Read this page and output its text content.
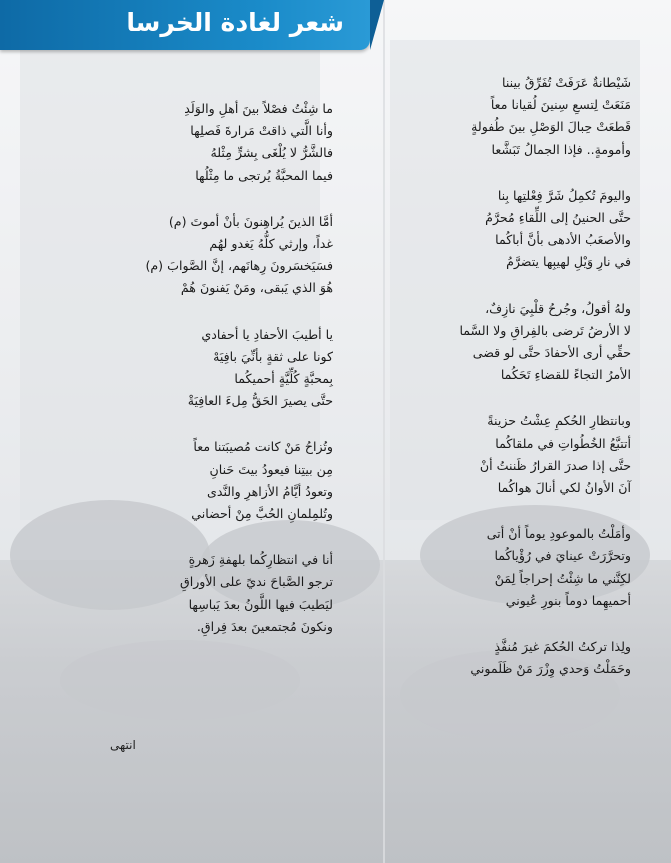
شعر لغادة الخرسا
شَيْطانةٌ عَرَفَتْ تُفَرِّقُ بيننا
مَنَعَتْ لِتسعِ سِنينَ لُقيانا معاً
قَطعَتْ حِبالَ الوَصْلِ بينَ طُفولةٍ
وأمومةٍ.. فإذا الجمالُ تَبَشَّعا
واليومَ تُكمِلُ شَرَّ فِعْلتِها بِنا
حتَّى الحنينُ إلى اللِّقاءِ مُحرَّمُ
والأصعَبُ الأدهى بأنَّ أباكُما
في نارِ وَيْلِ لهيبِها يتضرَّمُ
ولهُ أقولُ، وجُرحُ قلْبِيَ نازِفٌ،
لا الأرضُ تَرضى بالفِراقِ ولا السَّما
حقِّي أرى الأحفادَ حتَّى لو قضى
الأمرُ التجاءً للقضاءِ تَحَكُما
وبانتظارِ الحُكمِ عِشْتُ حزينةً
أتتبَّعُ الخُطُواتِ في ملقاكُما
حتَّى إذا صدرَ القرارُ ظَننتُ أنْ
آنَ الأوانُ لكي أنالَ هواكُما
وأمَلْتُ بالموعودِ يوماً أنْ أتى
وتحرَّرَتْ عينايَ في رُؤْياكُما
لكِنَّني ما شِئْتُ إحراجاً لِمَنْ
أحميهِما دوماً بنورِ عُيوني
ولِذا تركتُ الحُكمَ غيرَ مُنفَّذٍ
وحَمَلْتُ وَحدي وِزْرَ مَنْ ظَلَموني
ما شِئْتُ فصْلاً بينَ أهلِ والوَلَدِ
وأنا الَّتي ذاقتْ مَرارةَ فَصلِها
فالشَّرُّ لا يُلْغَى بِشرٍّ مِثْلهُ
فيما المحبَّةُ يُرتجى ما مِثْلُها
أمَّا الذينَ يُراهِنونَ بأنْ أموتَ (م)
غداً، وإرثي كلُّهُ يَغدو لهُم
فسَيَخسَرونَ رِهانَهم، إنَّ الصَّوابَ (م)
هُوَ الذي يَبقى، ومَنْ يَفنونَ هُمْ
يا أطيبَ الأحفادِ يا أحفادي
كونا على ثقةٍ بأنِّيَ بافِيَهْ
بِمحبَّةٍ كُلِّيَّةٍ أحميكُما
حتَّى يصيرَ الحَقُّ مِلءَ العافِيَةْ
وتُزاحُ مَنْ كانت مُصيبَتنا معاً
مِن بيتِنا فيعودُ بيتَ حَنانِ
وتعودُ أيَّامُ الأزاهرِ والنَّدى
وتُلمِلمانِ الحُبَّ مِنْ أحضاني
أنا في انتظارِكُما بلهفةِ زَهرةٍ
ترجو الصَّباحَ نديً على الأوراقِ
ليَطيبَ فيها اللَّونُ بعدَ يَباسِها
ونكونَ مُجتمعينَ بعدَ فِراقِ.
انتهى
